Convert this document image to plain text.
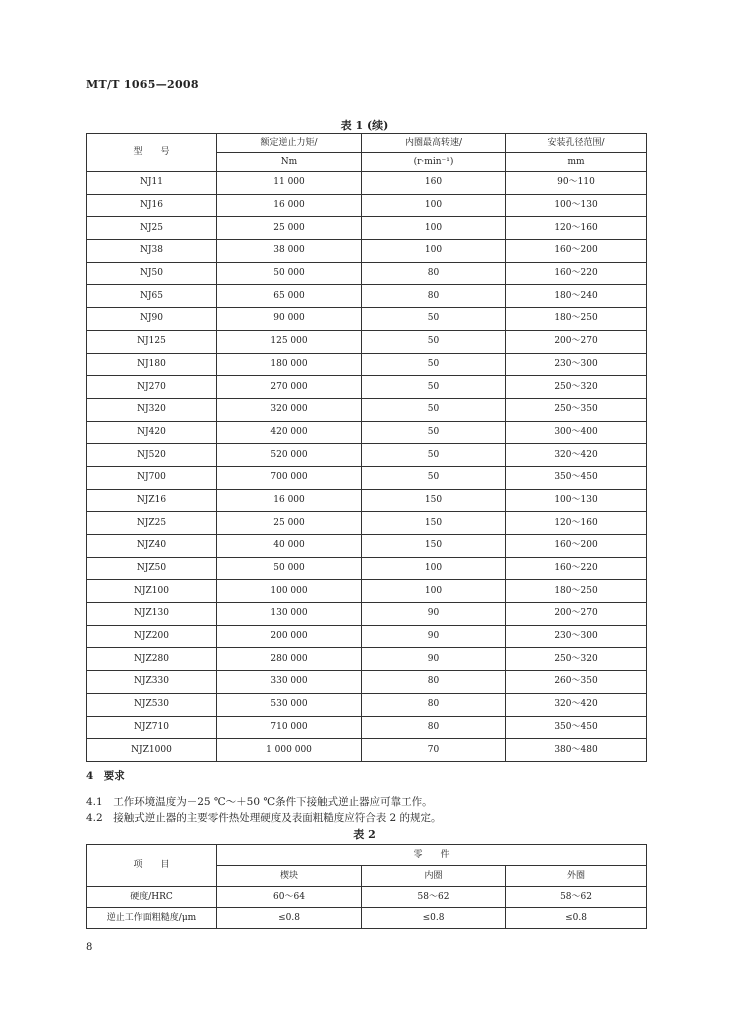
MT/T 1065—2008
表 1 (续)
型　　号	额定逆止力矩/	内圈最高转速/	安装孔径范围/
	Nm	(r·min⁻¹)	mm
NJ11	11 000	160	90～110
NJ16	16 000	100	100～130
NJ25	25 000	100	120～160
NJ38	38 000	100	160～200
NJ50	50 000	80	160～220
NJ65	65 000	80	180～240
NJ90	90 000	50	180～250
NJ125	125 000	50	200～270
NJ180	180 000	50	230～300
NJ270	270 000	50	250～320
NJ320	320 000	50	250～350
NJ420	420 000	50	300～400
NJ520	520 000	50	320～420
NJ700	700 000	50	350～450
NJZ16	16 000	150	100～130
NJZ25	25 000	150	120～160
NJZ40	40 000	150	160～200
NJZ50	50 000	100	160～220
NJZ100	100 000	100	180～250
NJZ130	130 000	90	200～270
NJZ200	200 000	90	230～300
NJZ280	280 000	90	250～320
NJZ330	330 000	80	260～350
NJZ530	530 000	80	320～420
NJZ710	710 000	80	350～450
NJZ1000	1 000 000	70	380～480
4　要求
4.1　工作环境温度为－25 ℃～＋50 ℃条件下接触式逆止器应可靠工作。
4.2　接触式逆止器的主要零件热处理硬度及表面粗糙度应符合表 2 的规定。
表 2
项　　目	零　　件		
	楔块	内圈	外圈
硬度/HRC	60～64	58～62	58～62
逆止工作面粗糙度/μm	≤0.8	≤0.8	≤0.8
8
